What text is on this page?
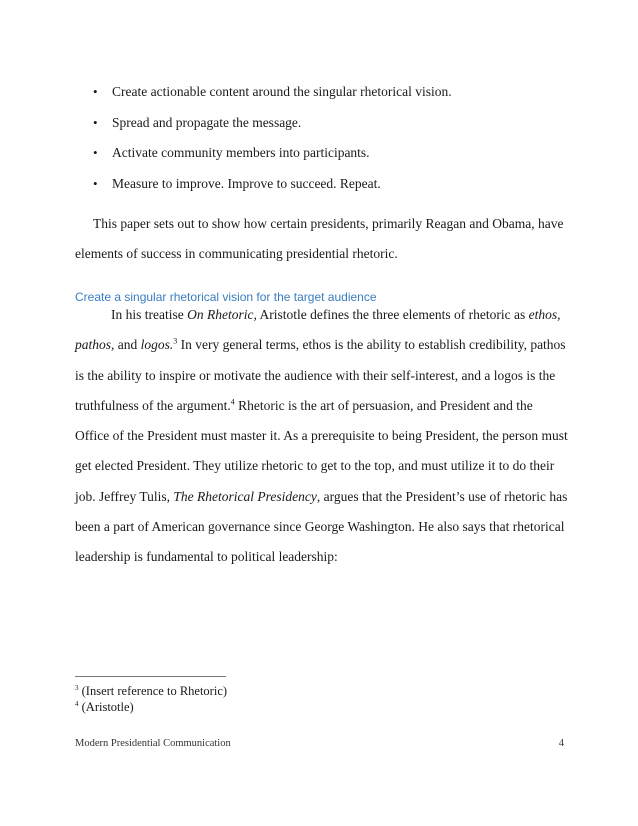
• Create actionable content around the singular rhetorical vision.
• Spread and propagate the message.
• Activate community members into participants.
• Measure to improve. Improve to succeed. Repeat.
This paper sets out to show how certain presidents, primarily Reagan and Obama, have
elements of success in communicating presidential rhetoric.
Create a singular rhetorical vision for the target audience
In his treatise On Rhetoric, Aristotle defines the three elements of rhetoric as ethos,
pathos, and logos.$^3$ In very general terms, ethos is the ability to establish credibility, pathos
is the ability to inspire or motivate the audience with their self-interest, and a logos is the
truthfulness of the argument.$^4$ Rhetoric is the art of persuasion, and President and the
Office of the President must master it. As a prerequisite to being President, the person must
get elected President. They utilize rhetoric to get to the top, and must utilize it to do their
job. Jeffrey Tulis, The Rhetorical Presidency, argues that the President’s use of rhetoric has
been a part of American governance since George Washington. He also says that rhetorical
leadership is fundamental to political leadership:
$^3$ (Insert reference to Rhetoric)
$^4$ (Aristotle)
Modern Presidential Communication	4
